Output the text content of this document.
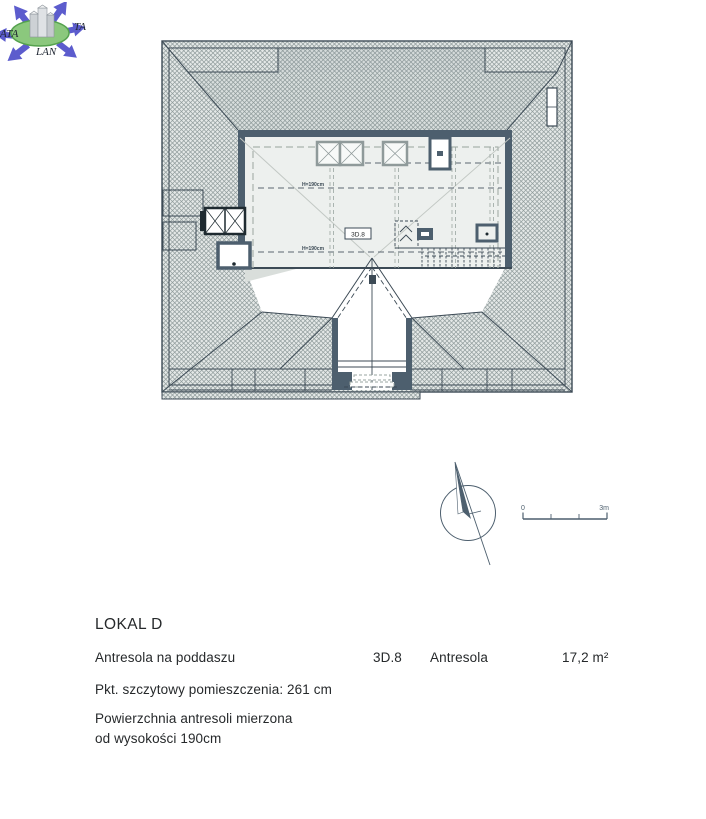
ATA
TA
LAN
H=190cm
H=190cm
3D.8
0	3m
LOKAL D
Antresola na poddaszu	3D.8 Antresola	17,2 m²
Pkt. szczytowy pomieszczenia: 261 cm
Powierzchnia antresoli mierzona
od wysokości 190cm
